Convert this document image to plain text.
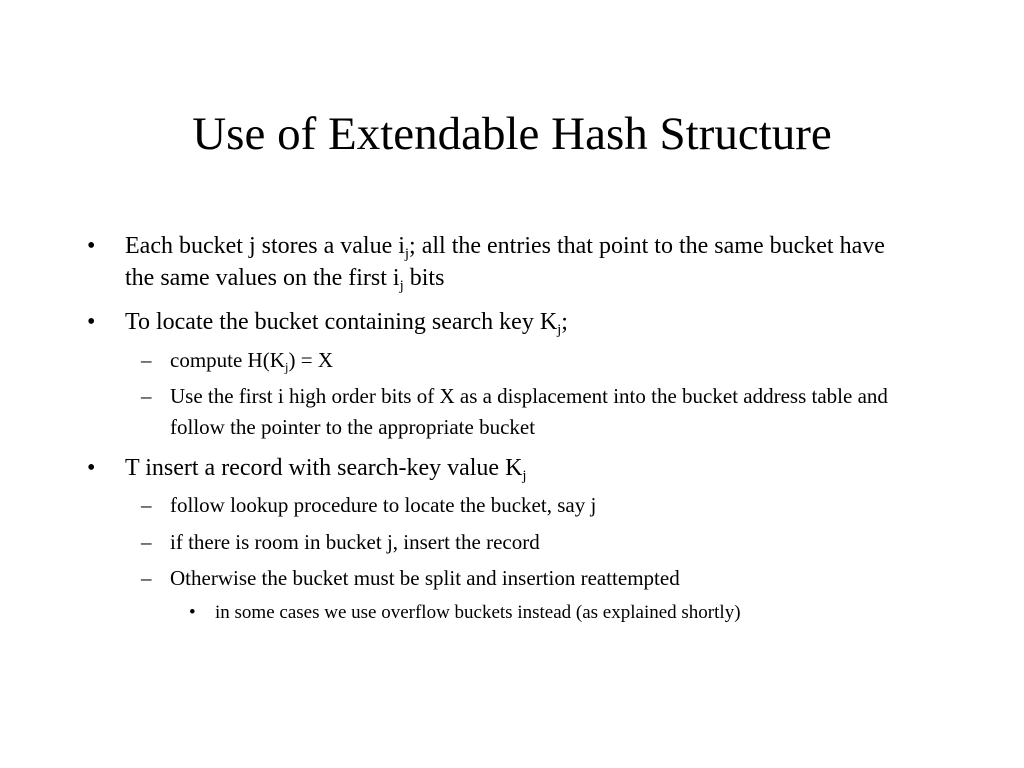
Use of Extendable Hash Structure

• Each bucket j stores a value $i_j$; all the entries that point to the same bucket have the same values on the first $i_j$ bits

• To locate the bucket containing search key $K_j$;

– compute $H(K_j) = X$

– Use the first i high order bits of X as a displacement into the bucket address table and follow the pointer to the appropriate bucket

• T insert a record with search-key value $K_j$

– follow lookup procedure to locate the bucket, say j

– if there is room in bucket j, insert the record

– Otherwise the bucket must be split and insertion reattempted

• in some cases we use overflow buckets instead (as explained shortly)
